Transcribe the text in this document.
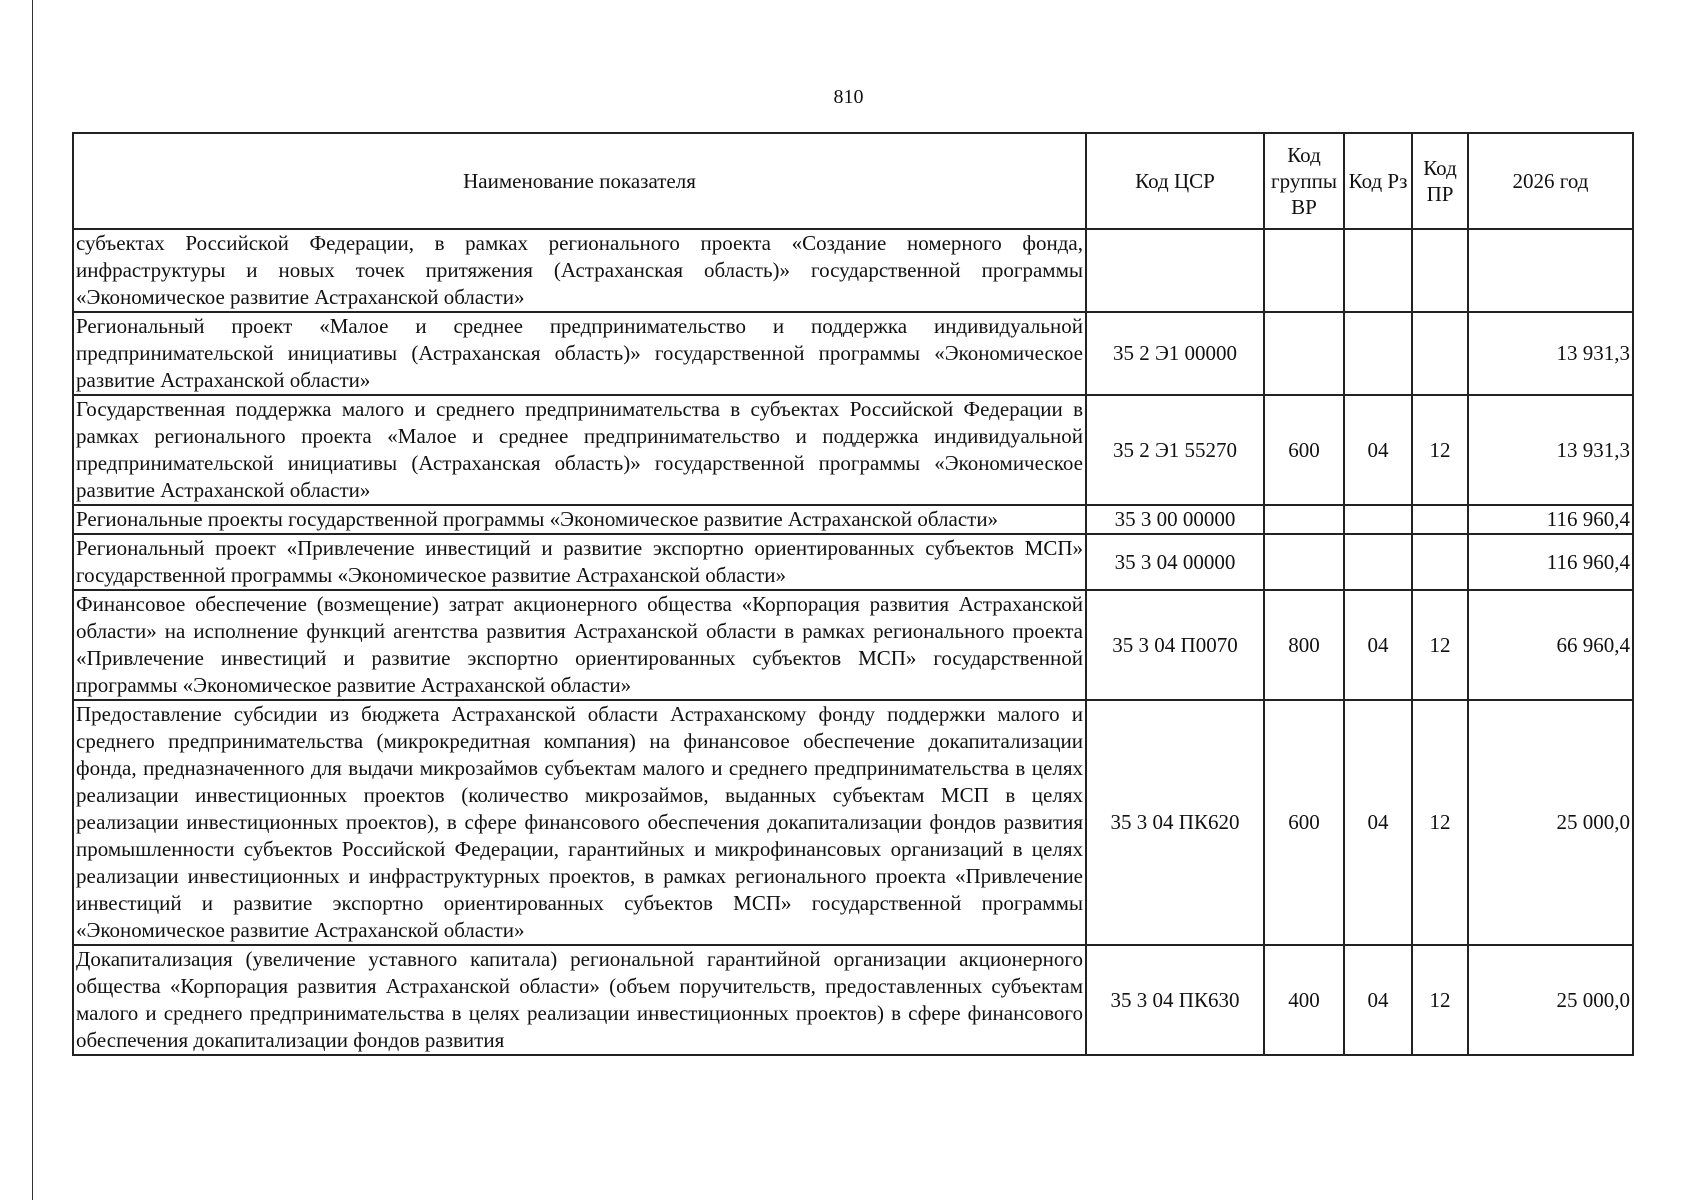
810
Наименование показателя	Код ЦСР	Код группы ВР	Код Рз	Код ПР	2026 год
субъектах Российской Федерации, в рамках регионального проекта «Создание номерного фонда, инфраструктуры и новых точек притяжения (Астраханская область)» государственной программы «Экономическое развитие Астраханской области»					
Региональный проект «Малое и среднее предпринимательство и поддержка индивидуальной предпринимательской инициативы (Астраханская область)» государственной программы «Экономическое развитие Астраханской области»	35 2 Э1 00000				13 931,3
Государственная поддержка малого и среднего предпринимательства в субъектах Российской Федерации в рамках регионального проекта «Малое и среднее предпринимательство и поддержка индивидуальной предпринимательской инициативы (Астраханская область)» государственной программы «Экономическое развитие Астраханской области»	35 2 Э1 55270	600	04	12	13 931,3
Региональные проекты государственной программы «Экономическое развитие Астраханской области»	35 3 00 00000				116 960,4
Региональный проект «Привлечение инвестиций и развитие экспортно ориентированных субъектов МСП» государственной программы «Экономическое развитие Астраханской области»	35 3 04 00000				116 960,4
Финансовое обеспечение (возмещение) затрат акционерного общества «Корпорация развития Астраханской области» на исполнение функций агентства развития Астраханской области в рамках регионального проекта «Привлечение инвестиций и развитие экспортно ориентированных субъектов МСП» государственной программы «Экономическое развитие Астраханской области»	35 3 04 П0070	800	04	12	66 960,4
Предоставление субсидии из бюджета Астраханской области Астраханскому фонду поддержки малого и среднего предпринимательства (микрокредитная компания) на финансовое обеспечение докапитализации фонда, предназначенного для выдачи микрозаймов субъектам малого и среднего предпринимательства в целях реализации инвестиционных проектов (количество микрозаймов, выданных субъектам МСП в целях реализации инвестиционных проектов), в сфере финансового обеспечения докапитализации фондов развития промышленности субъектов Российской Федерации, гарантийных и микрофинансовых организаций в целях реализации инвестиционных и инфраструктурных проектов, в рамках регионального проекта «Привлечение инвестиций и развитие экспортно ориентированных субъектов МСП» государственной программы «Экономическое развитие Астраханской области»	35 3 04 ПК620	600	04	12	25 000,0
Докапитализация (увеличение уставного капитала) региональной гарантийной организации акционерного общества «Корпорация развития Астраханской области» (объем поручительств, предоставленных субъектам малого и среднего предпринимательства в целях реализации инвестиционных проектов) в сфере финансового обеспечения докапитализации фондов развития	35 3 04 ПК630	400	04	12	25 000,0
